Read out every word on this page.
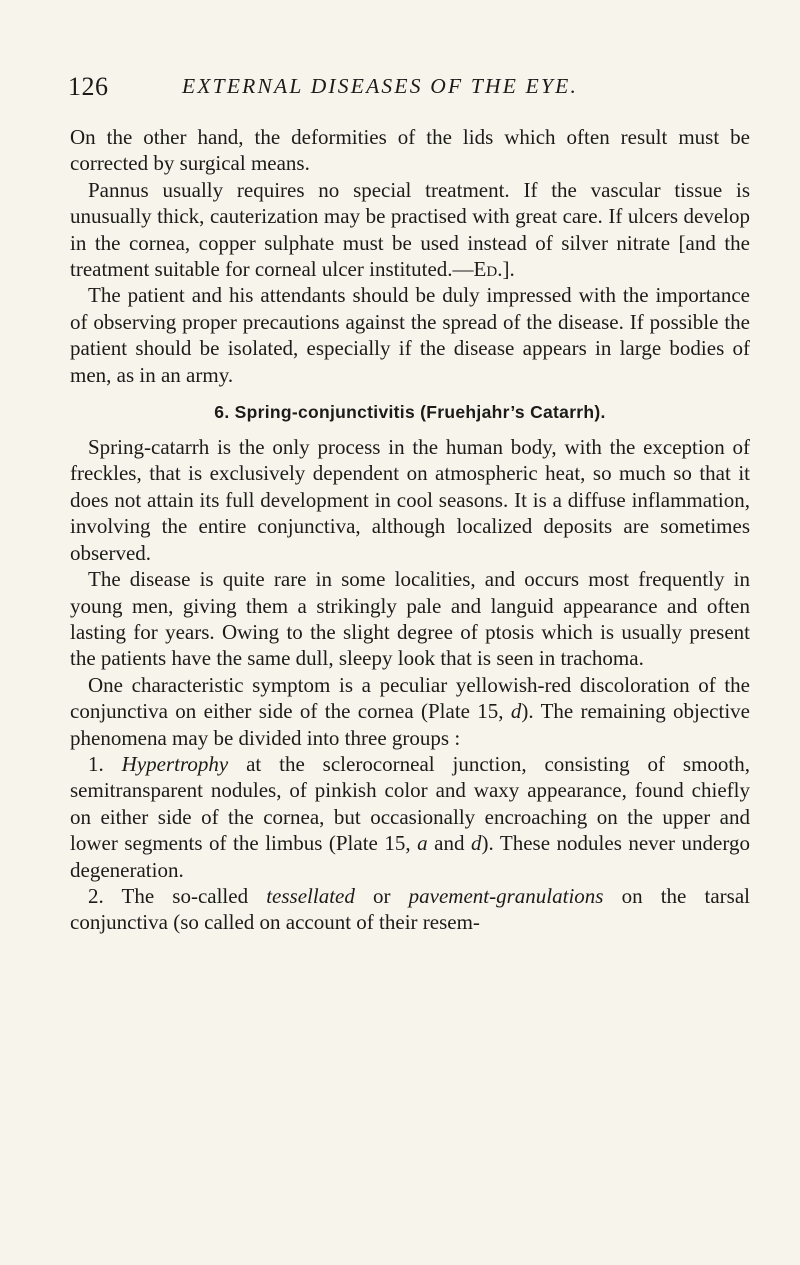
126	EXTERNAL DISEASES OF THE EYE.

On the other hand, the deformities of the lids which often result must be corrected by surgical means.

Pannus usually requires no special treatment. If the vascular tissue is unusually thick, cauterization may be practised with great care. If ulcers develop in the cornea, copper sulphate must be used instead of silver nitrate [and the treatment suitable for corneal ulcer instituted.—Ed.].

The patient and his attendants should be duly impressed with the importance of observing proper precautions against the spread of the disease. If possible the patient should be isolated, especially if the disease appears in large bodies of men, as in an army.

6. Spring-conjunctivitis (Fruehjahr’s Catarrh).

Spring-catarrh is the only process in the human body, with the exception of freckles, that is exclusively dependent on atmospheric heat, so much so that it does not attain its full development in cool seasons. It is a diffuse inflammation, involving the entire conjunctiva, although localized deposits are sometimes observed.

The disease is quite rare in some localities, and occurs most frequently in young men, giving them a strikingly pale and languid appearance and often lasting for years. Owing to the slight degree of ptosis which is usually present the patients have the same dull, sleepy look that is seen in trachoma.

One characteristic symptom is a peculiar yellowish-red discoloration of the conjunctiva on either side of the cornea (Plate 15, d). The remaining objective phenomena may be divided into three groups :

1. Hypertrophy at the sclerocorneal junction, consisting of smooth, semitransparent nodules, of pinkish color and waxy appearance, found chiefly on either side of the cornea, but occasionally encroaching on the upper and lower segments of the limbus (Plate 15, a and d). These nodules never undergo degeneration.

2. The so-called tessellated or pavement-granulations on the tarsal conjunctiva (so called on account of their resem-
